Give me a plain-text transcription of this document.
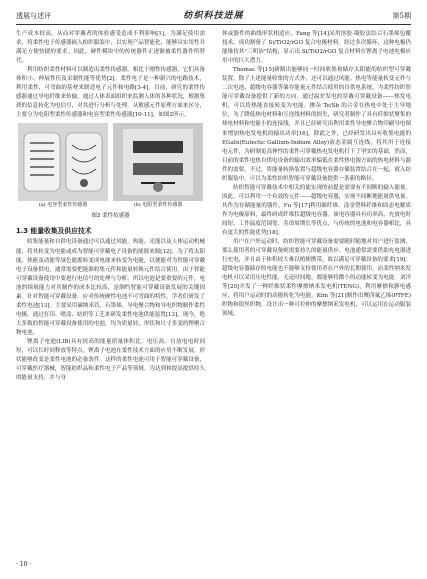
透展与述评	纺织科技进展	第5期

生产成本较高，从而对穿戴者的体验感受造成不利影响[1]。为满足使用需求，将柔性电子传感器嵌入纺织服装中，以实现产品智能化，能够具实用性并满足方便快捷的要求。因此，硬件模块中的传统器件正逐渐被柔性器件所替代。

利用纺织柔性材料可以制造出柔性传感器，相比于刚性传感器，它们具备体积小、伸展性佳及采制性能等优势[2]。柔性电子是一种新兴的电路技术，利用柔性、可弯曲的基材来制造电子元件和电路[3-4]。目前，研究的柔性传感器通过导电纤维来传输，通过人体表面组织来监测人体的各种状况，根据集到的信息转化为电信号，对其进行分析与处理。从敏感元件原理方面来区分，主要分为电阻型柔性传感器和电容型柔性传感器[10-11]，如图2所示。

(a) 电容型柔性传感器	(b) 电阻型柔性传感器
图2 柔性传感器
1.3 能量收集及供应技术

收集能量和自供电设备通过可以通过风能、热能、光能以及人体运动机械能，将其转变为电能或成为智能可穿戴电子设备的能源来源[12]。为了将太阳能、热能及动能等绿色能源转变成电能来转变为电能，以便能对为智能可穿戴电子设备供电，通常需要把能源收集元件和能量转换元件结合使用。由于智能可穿戴设备使用中要进行电信号的处理与分析，所以电池是要重要的元件，电池的续航能力对其制作的成本比较高，是制约智能可穿戴设备发展的关键因素。针对智能可穿戴设备，应对传统硬性电池不可弯曲的特性，学者们研发了柔性电池[13]。主要采用碳纳米管、石墨烯、导电聚合物和导电织物制作柔性电极，通过打印、喷涂、纺织等工艺来研发柔性电池供能装置[13]。现今，绝大多数的智能可穿戴设备使用的电池，均为质量轻、形状和尺寸多变的锂聚合物电池。

锂离子电池(LIB)具有较高的能量质量体积比、电压高、自放电电时间短，可以长时间释放等特点。锂离子电池在柔性技术方面的应用不断发展，形状能够改变是柔性电池的必备条件。这样的柔性电池可用于智能可穿戴设备，可穿戴医疗器械，智能纺织品和柔性电子产品等领域。为达到和提高提供持久的能量支持，并与身

体或器件的曲线形状相适应，Fang 等[14]采用溶胶-凝胶法结合石墨烯包覆技术，成功制备了 Si/TiO2/rGO 复合电极材料。经过多次循环，这种电极仍能维持其"三明治"结构，显示出 Si/TiO2/rGO 复合材料在锂离子电池电极应用中的巨大潜力。

Thomas 等[15]研制出能够同一时间收集和储存太阳能的纺织型可穿戴装置，除了上述能量收集的方式外，还可以通过风能、热电等能量转变元件与二次电池、超级电容器等储存能量元件结合使用的自供电系统，为柔性纺织智能可穿戴设备提供了新的方向。通过温差发电的穿戴可穿戴设备——热发电机，可以将热能直接转变为电能。掺杂 Te/Sb 的合金在热电中处于主导地位，为了降低热电材料和互连线材料的损失，研究者制作了具有纤维状聚集的热电材料和电能小的连接线，并且已经研究出利用柔性导电聚合物印刷导电图来增加热电发电机的输出功率[16]。除此之外，已经研发出具有收集电能的 EGaIn(Eutectic Gallium-Indium Alloy)液态金属互连线，将其用于连接电元件，为研制更高伸性的柔性可穿戴热电发电机打下了坚实的基础。然而，目前的柔性电热自供电设备的输出效率偏低在柔性热电源方面的热电材料与器件的需要。不过，将能量转换装置与超级电容器存储装置结合在一起，就入纺织服装中，可以为柔性纺织智能可穿戴设备提供一条新的路径。

纺织智能可穿戴技术中相关的能实现的前提是需要有不间断的输入能量。因此，可以利用一个有效的元件——超级电容器，实现不间断地能量供电量。其作为存储能量的器件，Fu 等[17]利用碳纤维、涂金塑料纤维和固态电解质作为电极原料，最终研成纤维状超级电容器。该电容器具有功率高、充放电时间短、工作温度范围宽、寿命周期长等优点，与传统的电池和电容器相比，具有更大的性能优势[18]。

用户在户外运动时，纺织智能可穿戴设备需要随时随地对用户进行监测，那么使用者的可穿戴设备则需要持久的能量供应。电池通常需要借助充电器进行充电，并且由于体积较大难以植便携带，故以满足可穿戴设备的要求[19]。超级电容器储存的电能也不能够支持使用者在户外的长期使用，而柔性纳米发电机可以采用压电性能、无论时间地、都能够将微小的动能转变为电能。刘洋等[20]开发了一种纤维状柔性摩擦纳米发电机(TENG)，利用摩擦和静电感应，将用户运动时的动能转化为电能。Kim 等[21]制作出聚四氟乙烯(PTFE)织物和银丝织物，设计出一种可拉伸的摩擦纳米发电机，可以运用在运动服装领域。

· 10 ·
